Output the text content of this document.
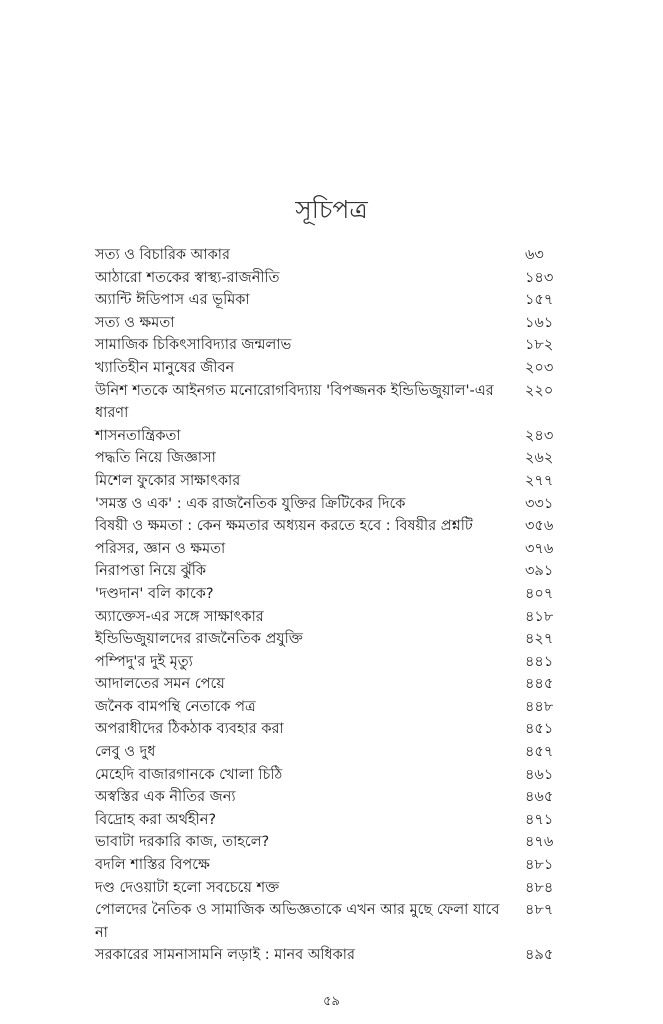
সূচিপত্র
সত্য ও বিচারিক আকার	৬৩
আঠারো শতকের স্বাস্থ্য-রাজনীতি	১৪৩
অ্যান্টি ঈডিপাস এর ভূমিকা	১৫৭
সত্য ও ক্ষমতা	১৬১
সামাজিক চিকিৎসাবিদ্যার জন্মলাভ	১৮২
খ্যাতিহীন মানুষের জীবন	২০৩
উনিশ শতকে আইনগত মনোরোগবিদ্যায় 'বিপজ্জনক ইন্ডিভিজুয়াল'-এর ধারণা
২২০
শাসনতান্ত্রিকতা	২৪৩
পদ্ধতি নিয়ে জিজ্ঞাসা	২৬২
মিশেল ফুকোর সাক্ষাৎকার	২৭৭
'সমস্ত ও এক' : এক রাজনৈতিক যুক্তির ক্রিটিকের দিকে	৩৩১
বিষয়ী ও ক্ষমতা : কেন ক্ষমতার অধ্যয়ন করতে হবে : বিষয়ীর প্রশ্নটি	৩৫৬
পরিসর, জ্ঞান ও ক্ষমতা	৩৭৬
নিরাপত্তা নিয়ে ঝুঁকি	৩৯১
'দণ্ডদান' বলি কাকে?	৪০৭
অ্যাক্তেস-এর সঙ্গে সাক্ষাৎকার	৪১৮
ইন্ডিভিজুয়ালদের রাজনৈতিক প্রযুক্তি	৪২৭
পম্পিদু'র দুই মৃত্যু	৪৪১
আদালতের সমন পেয়ে	৪৪৫
জনৈক বামপন্থি নেতাকে পত্র	৪৪৮
অপরাধীদের ঠিকঠাক ব্যবহার করা	৪৫১
লেবু ও দুধ	৪৫৭
মেহেদি বাজারগানকে খোলা চিঠি	৪৬১
অস্বস্তির এক নীতির জন্য	৪৬৫
বিদ্রোহ করা অর্থহীন?	৪৭১
ভাবাটা দরকারি কাজ, তাহলে?	৪৭৬
বদলি শাস্তির বিপক্ষে	৪৮১
দণ্ড দেওয়াটা হলো সবচেয়ে শক্ত	৪৮৪
পোলদের নৈতিক ও সামাজিক অভিজ্ঞতাকে এখন আর মুছে ফেলা যাবে না
৪৮৭
সরকারের সামনাসামনি লড়াই : মানব অধিকার	৪৯৫
৫৯
